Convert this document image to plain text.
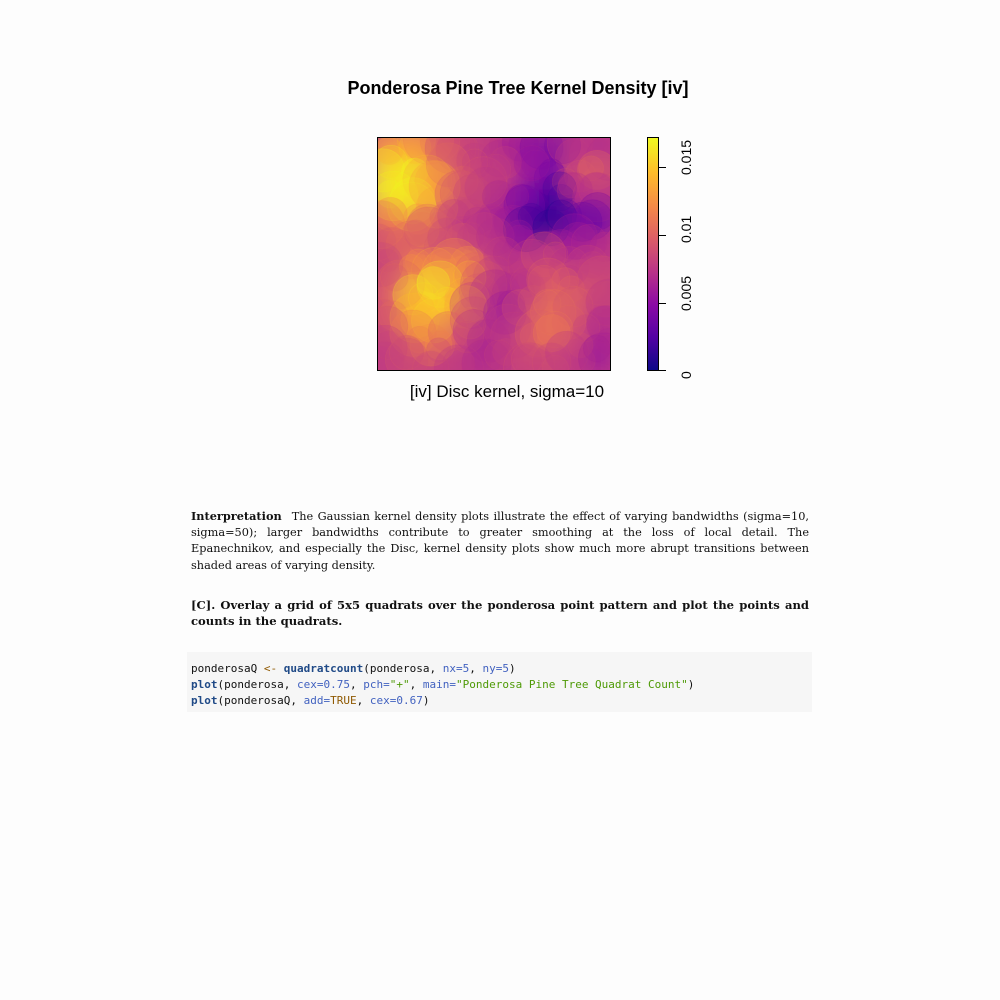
Ponderosa Pine Tree Kernel Density [iv]
0
0.005
0.01
0.015
[iv] Disc kernel, sigma=10
Interpretation The Gaussian kernel density plots illustrate the effect of varying bandwidths (sigma=10, sigma=50); larger bandwidths contribute to greater smoothing at the loss of local detail. The Epanechnikov, and especially the Disc, kernel density plots show much more abrupt transitions between shaded areas of varying density.
[C]. Overlay a grid of 5x5 quadrats over the ponderosa point pattern and plot the points and counts in the quadrats.
ponderosaQ <- quadratcount(ponderosa, nx=5, ny=5)
plot(ponderosa, cex=0.75, pch="+", main="Ponderosa Pine Tree Quadrat Count")
plot(ponderosaQ, add=TRUE, cex=0.67)
